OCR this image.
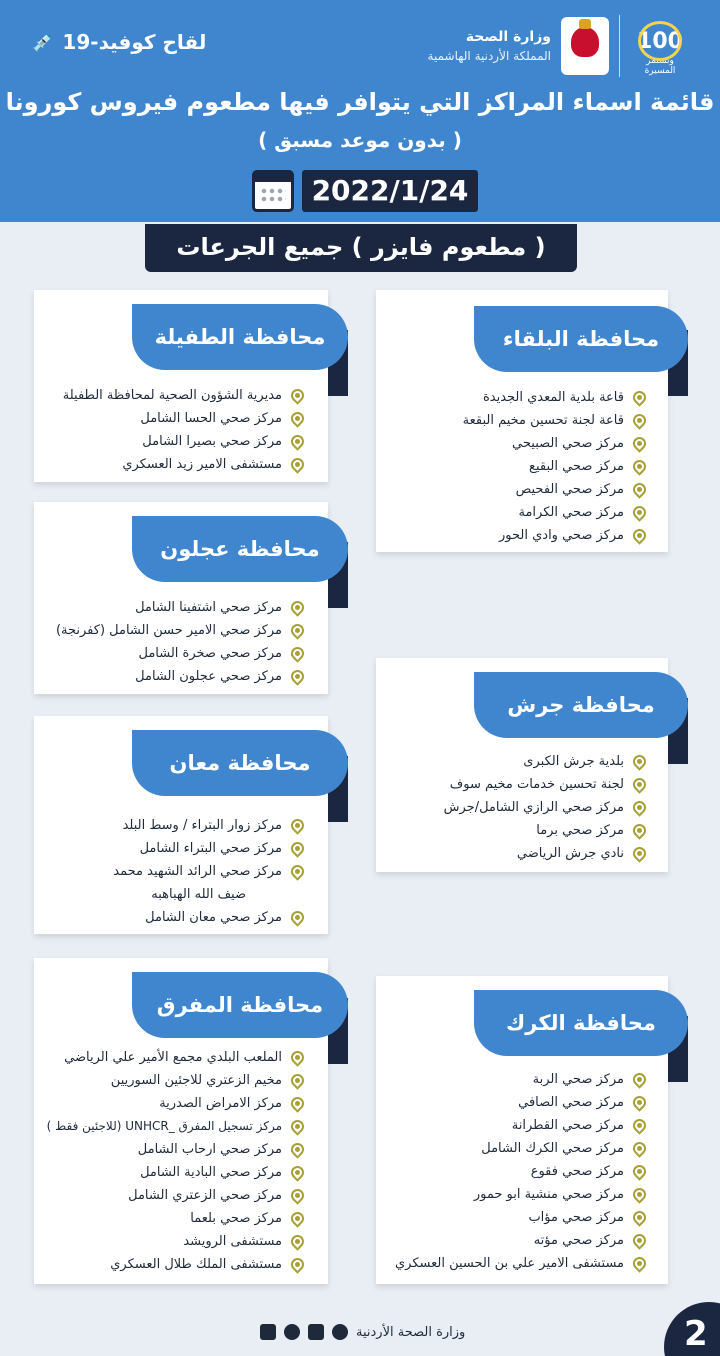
لقاح كوفيد-19
💉	100
ونستمر المسيرة
وزارة الصحة
المملكة الأردنية الهاشمية
قائمة اسماء المراكز التي يتوافر فيها مطعوم فيروس كورونا
( بدون موعد مسبق )
2022/1/24
( مطعوم فايزر ) جميع الجرعات
محافظة البلقاء
قاعة بلدية المعدي الجديدة
قاعة لجنة تحسين مخيم البقعة
مركز صحي الصبيحي
مركز صحي البقيع
مركز صحي الفحيص
مركز صحي الكرامة
مركز صحي وادي الحور
محافظة الطفيلة
مديرية الشؤون الصحية لمحافظة الطفيلة
مركز صحي الحسا الشامل
مركز صحي بصيرا الشامل
مستشفى الامير زيد العسكري
محافظة عجلون
مركز صحي اشتفينا الشامل
مركز صحي الامير حسن الشامل (كفرنجة)
مركز صحي صخرة الشامل
مركز صحي عجلون الشامل
محافظة جرش
بلدية جرش الكبرى
لجنة تحسين خدمات مخيم سوف
مركز صحي الرازي الشامل/جرش
مركز صحي برما
نادي جرش الرياضي
محافظة معان
مركز زوار البتراء / وسط البلد
مركز صحي البتراء الشامل
مركز صحي الرائد الشهيد محمد
ضيف الله الهباهبه
مركز صحي معان الشامل
محافظة المفرق
الملعب البلدي مجمع الأمير علي الرياضي
مخيم الزعتري للاجئين السوريين
مركز الامراض الصدرية
مركز تسجيل المفرق _UNHCR (للاجئين فقط )
مركز صحي ارحاب الشامل
مركز صحي البادية الشامل
مركز صحي الزعتري الشامل
مركز صحي بلعما
مستشفى الرويشد
مستشفى الملك طلال العسكري
محافظة الكرك
مركز صحي الربة
مركز صحي الصافي
مركز صحي القطرانة
مركز صحي الكرك الشامل
مركز صحي فقوع
مركز صحي منشية ابو حمور
مركز صحي مؤاب
مركز صحي مؤته
مستشفى الامير علي بن الحسين العسكري
وزارة الصحة الأردنية	2
